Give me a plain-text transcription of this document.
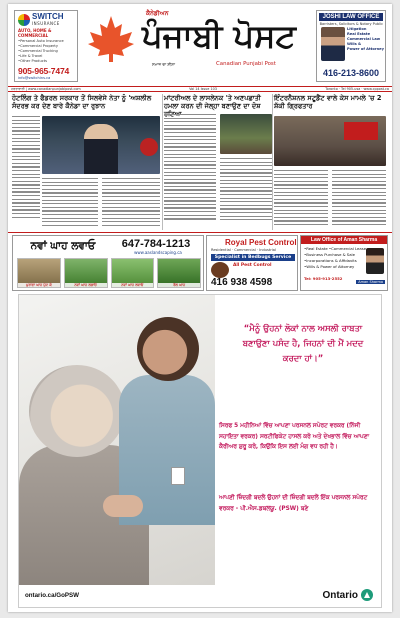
SWITCH
INSURANCE
AUTO, HOME & COMMERCIAL
•Personal Auto Insurance
•Commercial Property
•Commercial Trucking
•Life & Travel
•Other Products
905-965-7474
info@switchins.ca
ਕੈਨੇਡੀਅਨ
ਪੰਜਾਬੀ ਪੋਸਟ
ਸਮਾਜ ਦਾ ਸ਼ੀਸ਼ਾ	Canadian Punjabi Post
JOSHI LAW OFFICE
Barristers, Solicitors & Notary Public
Litigation
Real Estate
Commercial Law
Wills &
Power of Attorney
416-213-8600
ਹਫਤਾਵਾਰੀ | www.canadianpunjabipost.com	Vol 14 Issue 103	Toronto · Tel 905-usa · www.cppost.ca
ਹੋਟਲਿੰਗ ਤੇ ਫੈਡਰਲ ਸਰਕਾਰ ਤੋਂ ਸਿਲਵੇਸੇ ਨੇਤਾ ਨੂੰ 'ਅਸ਼ਲੀਲ ਸੰਦਰਭ ਕਰ ਦੇਣ ਬਾਰੇ ਕੈਨੇਡਾ ਦਾ ਰੁਝਾਨ
ਮਾਂਟਰੀਅਲ ਦੇ ਲਾਸਲੇਨਕ 'ਤੇ ਅਣਪਛਾਤੀ ਹਮਲਾ ਕਰਨ ਦੀ ਜੇਲ੍ਹਾ ਬਣਾਉਣ ਦਾ ਦੋਸ਼
ਇੰਟਰਨੈਸ਼ਨਲ ਸਟੂਡੈਂਟ ਵਾਲੇ ਕੇਸ ਮਾਮਲੇ 'ਚ 2 ਸ਼ੱਕੀ ਗ੍ਰਿਫਤਾਰ
ਨਵਾਂ ਘਾਹ ਲਵਾਓ	647-784-1213
www.aaslandscaping.ca
ਪੁਰਾਣਾ ਘਾਹ ਪੁੱਟ ਕੇ	ਨਵਾਂ ਘਾਹ ਲਗਾਓ	ਨਵਾਂ ਘਾਹ ਲਵਾਓ	ਰੋਲ ਘਾਹ
Royal Pest Control
Residential · Commercial · Industrial
Specialist in Bedbugs Service
All Pest Control
416 938 4598
Law Office of Aman Sharma
•Real Estate •Commercial Lease
•Business Purchase & Sale
•Incorporations & Affidavits
•Wills & Power of Attorney
Tel: 905-913-2552
Aman Sharma
ontario.ca/GoPSW
“ਮੈਨੂੰ ਉਹਨਾਂ ਲੋਕਾਂ ਨਾਲ ਅਸਲੀ ਰਾਬਤਾ ਬਣਾਉਣਾ ਪਸੰਦ ਹੈ, ਜਿਹਨਾਂ ਦੀ ਮੈਂ ਮਦਦ ਕਰਦਾ ਹਾਂ।”
ਸਿਰਫ 5 ਮਹੀਨਿਆਂ ਵਿੱਚ ਆਪਣਾ ਪਰਸਨਲ ਸਪੋਰਟ ਵਰਕਰ (ਨਿੱਜੀ ਸਹਾਇਤਾ ਵਰਕਰ) ਸਰਟੀਫਿਕੇਟ ਹਾਸਲ ਕਰੋ ਅਤੇ ਦੇਖਭਾਲ ਵਿੱਚ ਆਪਣਾ ਕੈਰੀਅਰ ਸ਼ੁਰੂ ਕਰੋ, ਕਿਉਂਕਿ ਇਸ ਲਈ ਮੰਗ ਵਧ ਰਹੀ ਹੈ।
ਆਪਣੀ ਜ਼ਿੰਦਗੀ ਬਦਲੋ ਉਹਨਾਂ ਦੀ ਜ਼ਿੰਦਗੀ ਬਦਲੋ ਇੱਕ ਪਰਸਨਲ ਸਪੋਰਟ ਵਰਕਰ - ਪੀ.ਐਸ.ਡਬਲਯੂ. (PSW) ਬਣੋ
Ontario
